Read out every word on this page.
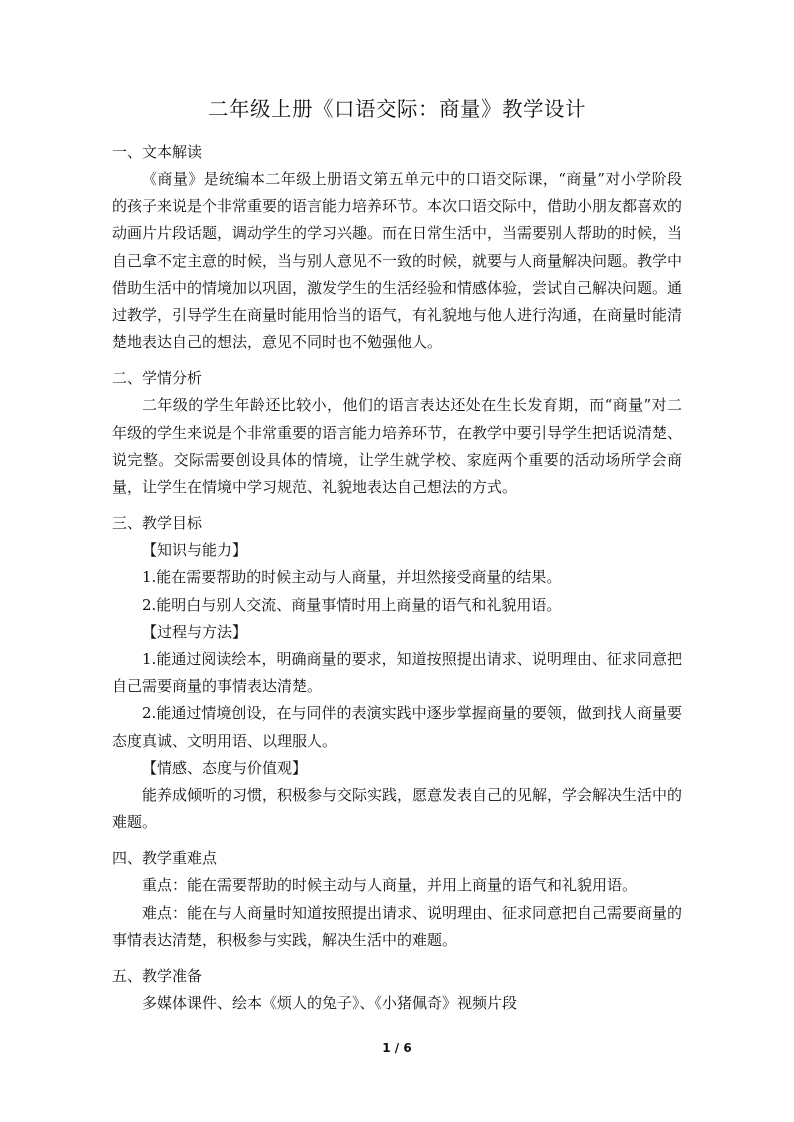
二年级上册《口语交际：商量》教学设计

一、文本解读

《商量》是统编本二年级上册语文第五单元中的口语交际课，“商量”对小学阶段的孩子来说是个非常重要的语言能力培养环节。本次口语交际中，借助小朋友都喜欢的动画片片段话题，调动学生的学习兴趣。而在日常生活中，当需要别人帮助的时候，当自己拿不定主意的时候，当与别人意见不一致的时候，就要与人商量解决问题。教学中借助生活中的情境加以巩固，激发学生的生活经验和情感体验，尝试自己解决问题。通过教学，引导学生在商量时能用恰当的语气，有礼貌地与他人进行沟通，在商量时能清楚地表达自己的想法，意见不同时也不勉强他人。

二、学情分析

二年级的学生年龄还比较小，他们的语言表达还处在生长发育期，而“商量”对二年级的学生来说是个非常重要的语言能力培养环节，在教学中要引导学生把话说清楚、说完整。交际需要创设具体的情境，让学生就学校、家庭两个重要的活动场所学会商量，让学生在情境中学习规范、礼貌地表达自己想法的方式。

三、教学目标

【知识与能力】

1.能在需要帮助的时候主动与人商量，并坦然接受商量的结果。

2.能明白与别人交流、商量事情时用上商量的语气和礼貌用语。

【过程与方法】

1.能通过阅读绘本，明确商量的要求，知道按照提出请求、说明理由、征求同意把自己需要商量的事情表达清楚。

2.能通过情境创设，在与同伴的表演实践中逐步掌握商量的要领，做到找人商量要态度真诚、文明用语、以理服人。

【情感、态度与价值观】

能养成倾听的习惯，积极参与交际实践，愿意发表自己的见解，学会解决生活中的难题。

四、教学重难点

重点：能在需要帮助的时候主动与人商量，并用上商量的语气和礼貌用语。

难点：能在与人商量时知道按照提出请求、说明理由、征求同意把自己需要商量的事情表达清楚，积极参与实践，解决生活中的难题。

五、教学准备

多媒体课件、绘本《烦人的兔子》、《小猪佩奇》视频片段

1 / 6
